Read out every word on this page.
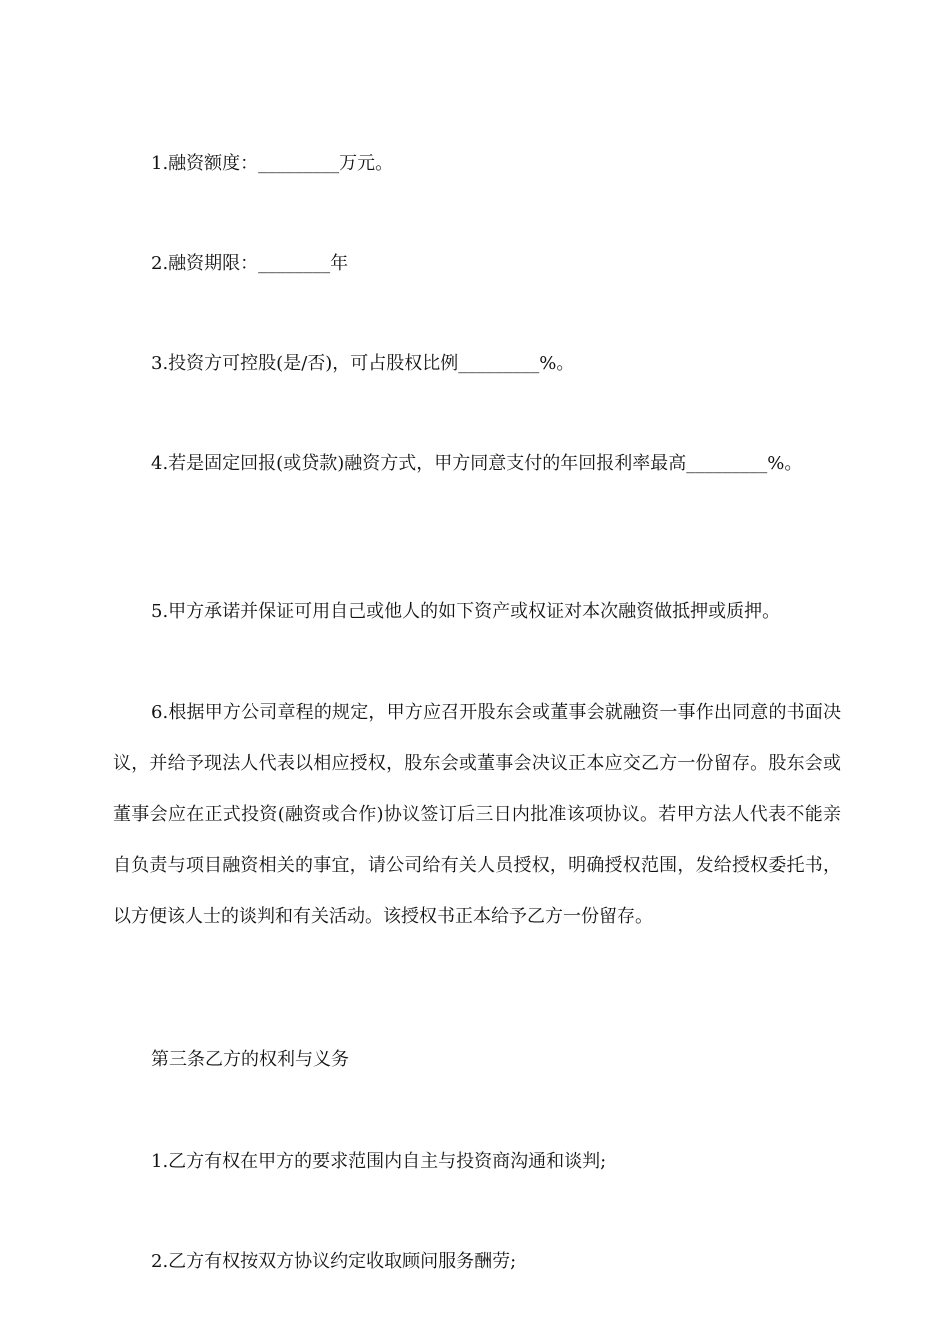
1.融资额度：_________万元。
2.融资期限：________年
3.投资方可控股(是/否)，可占股权比例_________%。
4.若是固定回报(或贷款)融资方式，甲方同意支付的年回报利率最高_________%。
5.甲方承诺并保证可用自己或他人的如下资产或权证对本次融资做抵押或质押。
6.根据甲方公司章程的规定，甲方应召开股东会或董事会就融资一事作出同意的书面决议，并给予现法人代表以相应授权，股东会或董事会决议正本应交乙方一份留存。股东会或董事会应在正式投资(融资或合作)协议签订后三日内批准该项协议。若甲方法人代表不能亲自负责与项目融资相关的事宜，请公司给有关人员授权，明确授权范围，发给授权委托书，以方便该人士的谈判和有关活动。该授权书正本给予乙方一份留存。
第三条乙方的权利与义务
1.乙方有权在甲方的要求范围内自主与投资商沟通和谈判;
2.乙方有权按双方协议约定收取顾问服务酬劳;
